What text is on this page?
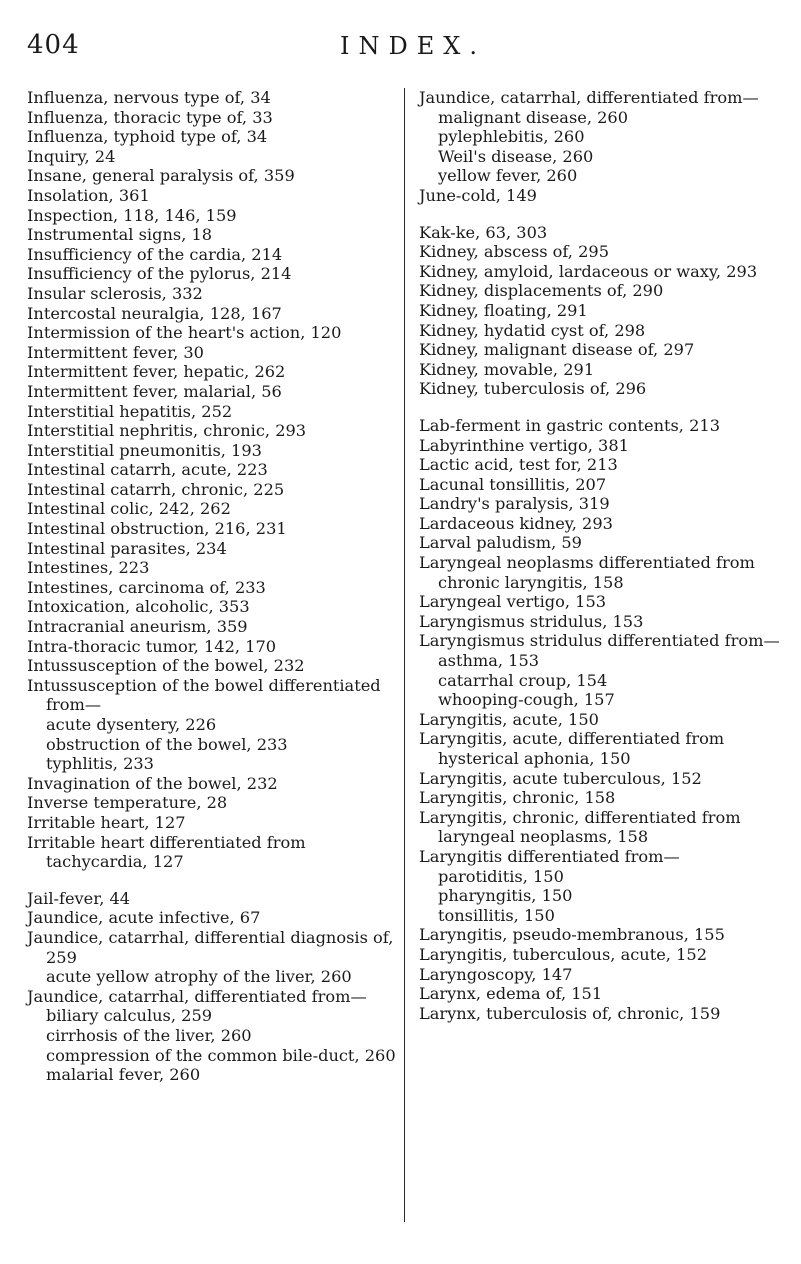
404	INDEX.
Influenza, nervous type of, 34
Influenza, thoracic type of, 33
Influenza, typhoid type of, 34
Inquiry, 24
Insane, general paralysis of, 359
Insolation, 361
Inspection, 118, 146, 159
Instrumental signs, 18
Insufficiency of the cardia, 214
Insufficiency of the pylorus, 214
Insular sclerosis, 332
Intercostal neuralgia, 128, 167
Intermission of the heart's action, 120
Intermittent fever, 30
Intermittent fever, hepatic, 262
Intermittent fever, malarial, 56
Interstitial hepatitis, 252
Interstitial nephritis, chronic, 293
Interstitial pneumonitis, 193
Intestinal catarrh, acute, 223
Intestinal catarrh, chronic, 225
Intestinal colic, 242, 262
Intestinal obstruction, 216, 231
Intestinal parasites, 234
Intestines, 223
Intestines, carcinoma of, 233
Intoxication, alcoholic, 353
Intracranial aneurism, 359
Intra-thoracic tumor, 142, 170
Intussusception of the bowel, 232
Intussusception of the bowel differentiated from—
acute dysentery, 226
obstruction of the bowel, 233
typhlitis, 233
Invagination of the bowel, 232
Inverse temperature, 28
Irritable heart, 127
Irritable heart differentiated from tachycardia, 127
Jail-fever, 44
Jaundice, acute infective, 67
Jaundice, catarrhal, differential diagnosis of, 259
acute yellow atrophy of the liver, 260
Jaundice, catarrhal, differentiated from—
biliary calculus, 259
cirrhosis of the liver, 260
compression of the common bile-duct, 260
malarial fever, 260
Jaundice, catarrhal, differentiated from—
malignant disease, 260
pylephlebitis, 260
Weil's disease, 260
yellow fever, 260
June-cold, 149
Kak-ke, 63, 303
Kidney, abscess of, 295
Kidney, amyloid, lardaceous or waxy, 293
Kidney, displacements of, 290
Kidney, floating, 291
Kidney, hydatid cyst of, 298
Kidney, malignant disease of, 297
Kidney, movable, 291
Kidney, tuberculosis of, 296
Lab-ferment in gastric contents, 213
Labyrinthine vertigo, 381
Lactic acid, test for, 213
Lacunal tonsillitis, 207
Landry's paralysis, 319
Lardaceous kidney, 293
Larval paludism, 59
Laryngeal neoplasms differentiated from chronic laryngitis, 158
Laryngeal vertigo, 153
Laryngismus stridulus, 153
Laryngismus stridulus differentiated from—
asthma, 153
catarrhal croup, 154
whooping-cough, 157
Laryngitis, acute, 150
Laryngitis, acute, differentiated from hysterical aphonia, 150
Laryngitis, acute tuberculous, 152
Laryngitis, chronic, 158
Laryngitis, chronic, differentiated from laryngeal neoplasms, 158
Laryngitis differentiated from—
parotiditis, 150
pharyngitis, 150
tonsillitis, 150
Laryngitis, pseudo-membranous, 155
Laryngitis, tuberculous, acute, 152
Laryngoscopy, 147
Larynx, edema of, 151
Larynx, tuberculosis of, chronic, 159
